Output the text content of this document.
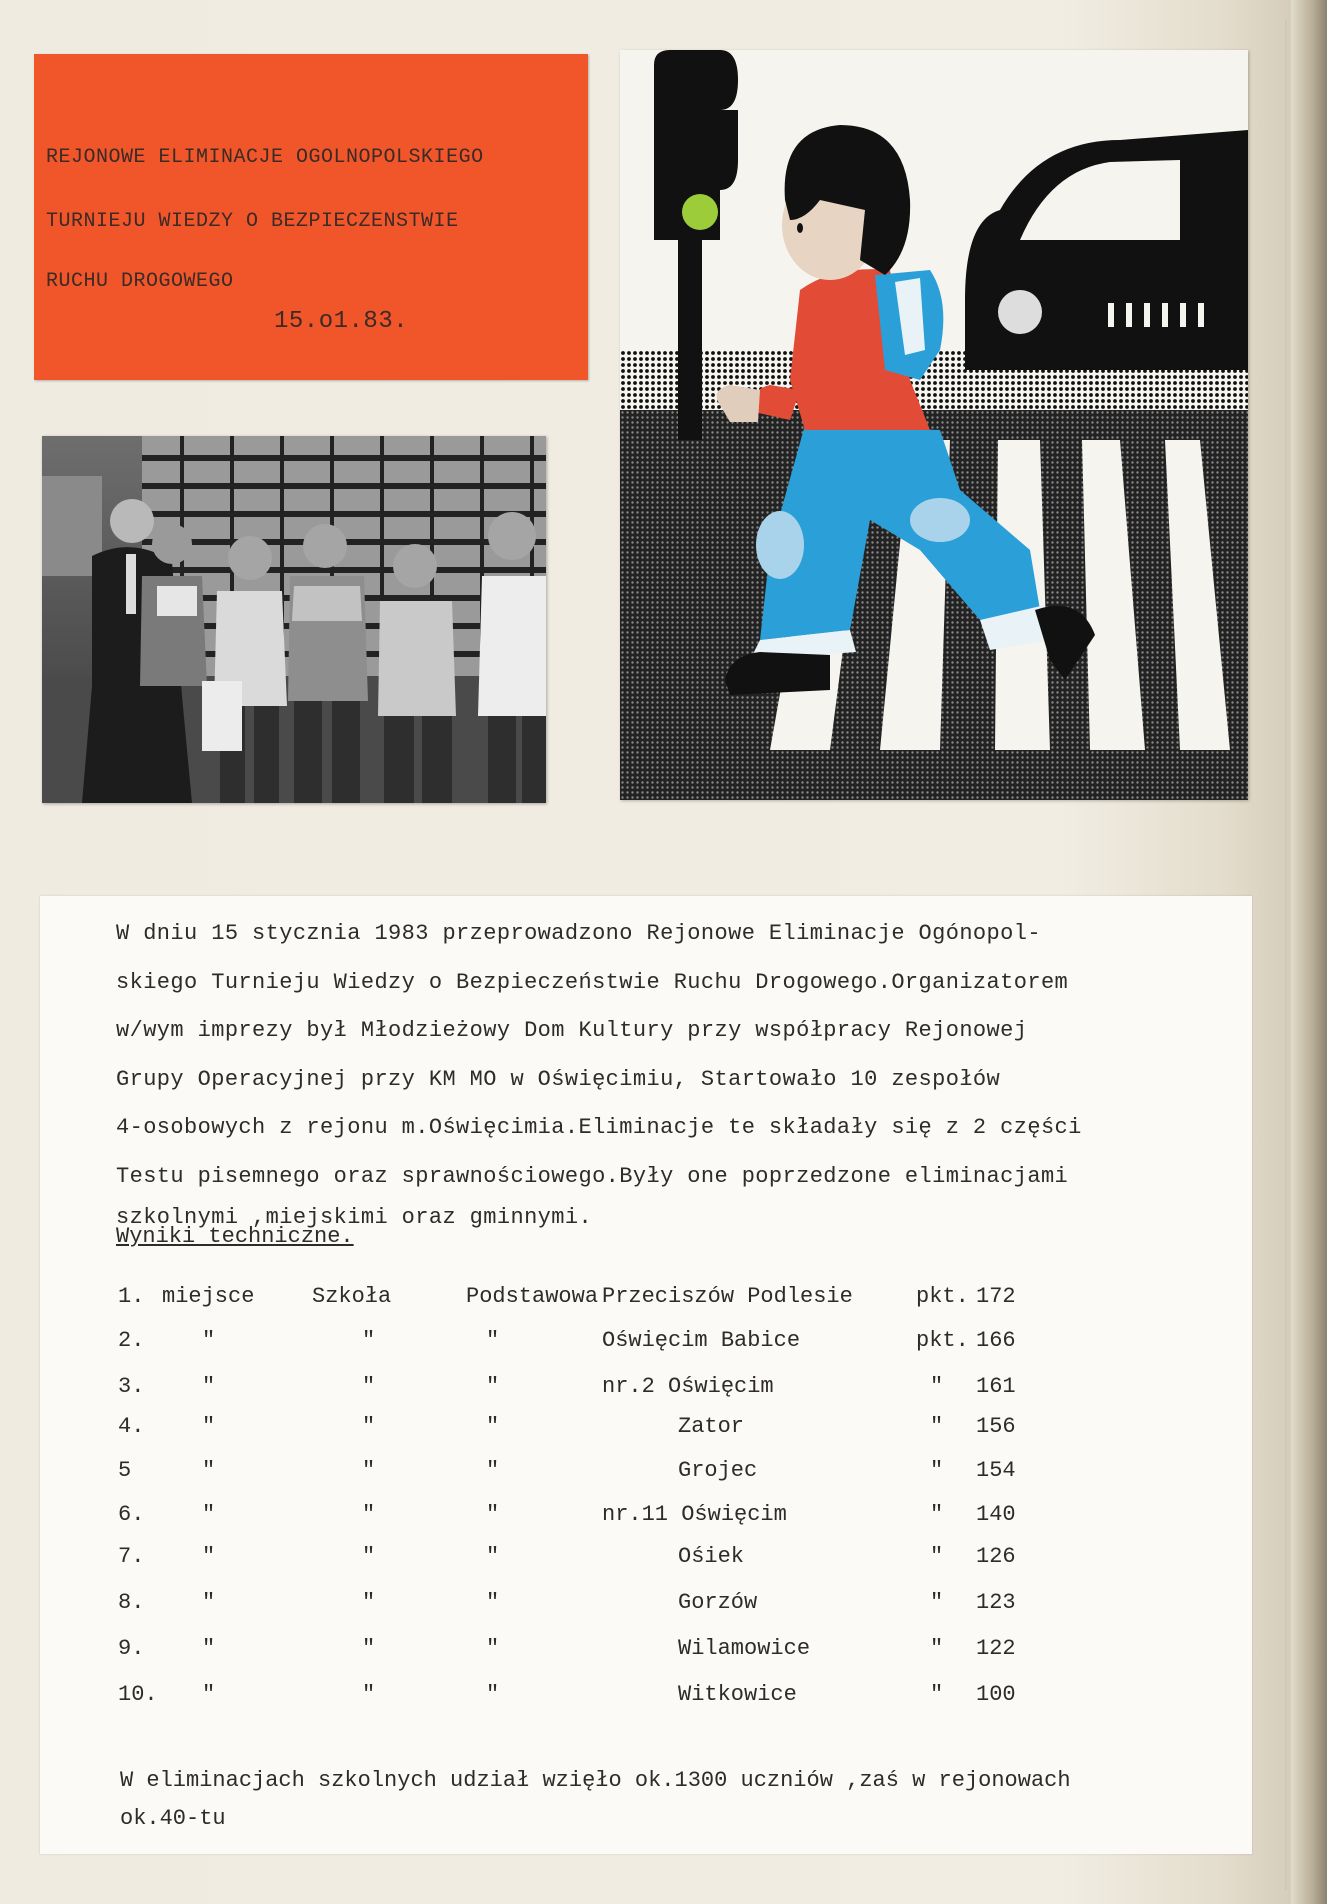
REJONOWE ELIMINACJE OGOLNOPOLSKIEGO
TURNIEJU WIEDZY O BEZPIECZENSTWIE
RUCHU DROGOWEGO
15.o1.83.

W dniu 15 stycznia 1983 przeprowadzono Rejonowe Eliminacje Ogónopol-

skiego Turnieju Wiedzy o Bezpieczeństwie Ruchu Drogowego.Organizatorem

w/wym imprezy był Młodzieżowy Dom Kultury przy współpracy Rejonowej

Grupy Operacyjnej przy KM MO w Oświęcimiu, Startowało 10 zespołów

4-osobowych z rejonu m.Oświęcimia.Eliminacje te składały się z 2 części

Testu pisemnego oraz sprawnościowego.Były one poprzedzone eliminacjami

szkolnymi ,miejskimi oraz gminnymi.

Wyniki techniczne.
1. miejsce	Szkoła	Podstawowa Przeciszów Podlesie	pkt. 172
2.	"	"	"	Oświęcim Babice	pkt. 166
3.	"	"	"	nr.2 Oświęcim	" 161
4.	"	"	"	Zator	" 156
5	"	"	"	Grojec	" 154
6.	"	"	"	nr.11 Oświęcim	" 140
7.	"	"	"	Ośiek	" 126
8.	"	"	"	Gorzów	" 123
9.	"	"	"	Wilamowice	" 122
10. "	"	"	Witkowice	" 100

W eliminacjach szkolnych udział wzięło ok.1300 uczniów ,zaś w rejonowach

ok.40-tu
